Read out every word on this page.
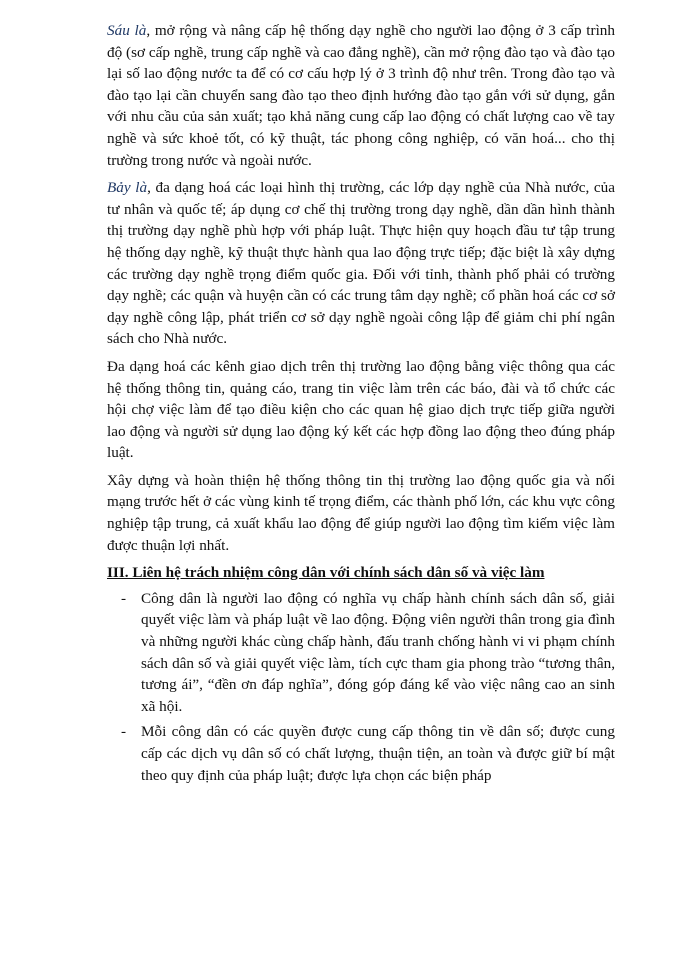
Sáu là, mở rộng và nâng cấp hệ thống dạy nghề cho người lao động ở 3 cấp trình độ (sơ cấp nghề, trung cấp nghề và cao đẳng nghề), cần mở rộng đào tạo và đào tạo lại số lao động nước ta để có cơ cấu hợp lý ở 3 trình độ như trên. Trong đào tạo và đào tạo lại cần chuyển sang đào tạo theo định hướng đào tạo gắn với sử dụng, gắn với nhu cầu của sản xuất; tạo khả năng cung cấp lao động có chất lượng cao về tay nghề và sức khoẻ tốt, có kỹ thuật, tác phong công nghiệp, có văn hoá... cho thị trường trong nước và ngoài nước.

Bảy là, đa dạng hoá các loại hình thị trường, các lớp dạy nghề của Nhà nước, của tư nhân và quốc tế; áp dụng cơ chế thị trường trong dạy nghề, dần dần hình thành thị trường dạy nghề phù hợp với pháp luật. Thực hiện quy hoạch đầu tư tập trung hệ thống dạy nghề, kỹ thuật thực hành qua lao động trực tiếp; đặc biệt là xây dựng các trường dạy nghề trọng điểm quốc gia. Đối với tỉnh, thành phố phải có trường dạy nghề; các quận và huyện cần có các trung tâm dạy nghề; cổ phần hoá các cơ sở dạy nghề công lập, phát triển cơ sở dạy nghề ngoài công lập để giảm chi phí ngân sách cho Nhà nước.

Đa dạng hoá các kênh giao dịch trên thị trường lao động bằng việc thông qua các hệ thống thông tin, quảng cáo, trang tin việc làm trên các báo, đài và tổ chức các hội chợ việc làm để tạo điều kiện cho các quan hệ giao dịch trực tiếp giữa người lao động và người sử dụng lao động ký kết các hợp đồng lao động theo đúng pháp luật.

Xây dựng và hoàn thiện hệ thống thông tin thị trường lao động quốc gia và nối mạng trước hết ở các vùng kinh tế trọng điểm, các thành phố lớn, các khu vực công nghiệp tập trung, cả xuất khẩu lao động để giúp người lao động tìm kiếm việc làm được thuận lợi nhất.

III. Liên hệ trách nhiệm công dân với chính sách dân số và việc làm
- Công dân là người lao động có nghĩa vụ chấp hành chính sách dân số, giải quyết việc làm và pháp luật về lao động. Động viên người thân trong gia đình và những người khác cùng chấp hành, đấu tranh chống hành vi vi phạm chính sách dân số và giải quyết việc làm, tích cực tham gia phong trào “tương thân, tương ái”, “đền ơn đáp nghĩa”, đóng góp đáng kể vào việc nâng cao an sinh xã hội.
- Mỗi công dân có các quyền được cung cấp thông tin về dân số; được cung cấp các dịch vụ dân số có chất lượng, thuận tiện, an toàn và được giữ bí mật theo quy định của pháp luật; được lựa chọn các biện pháp
